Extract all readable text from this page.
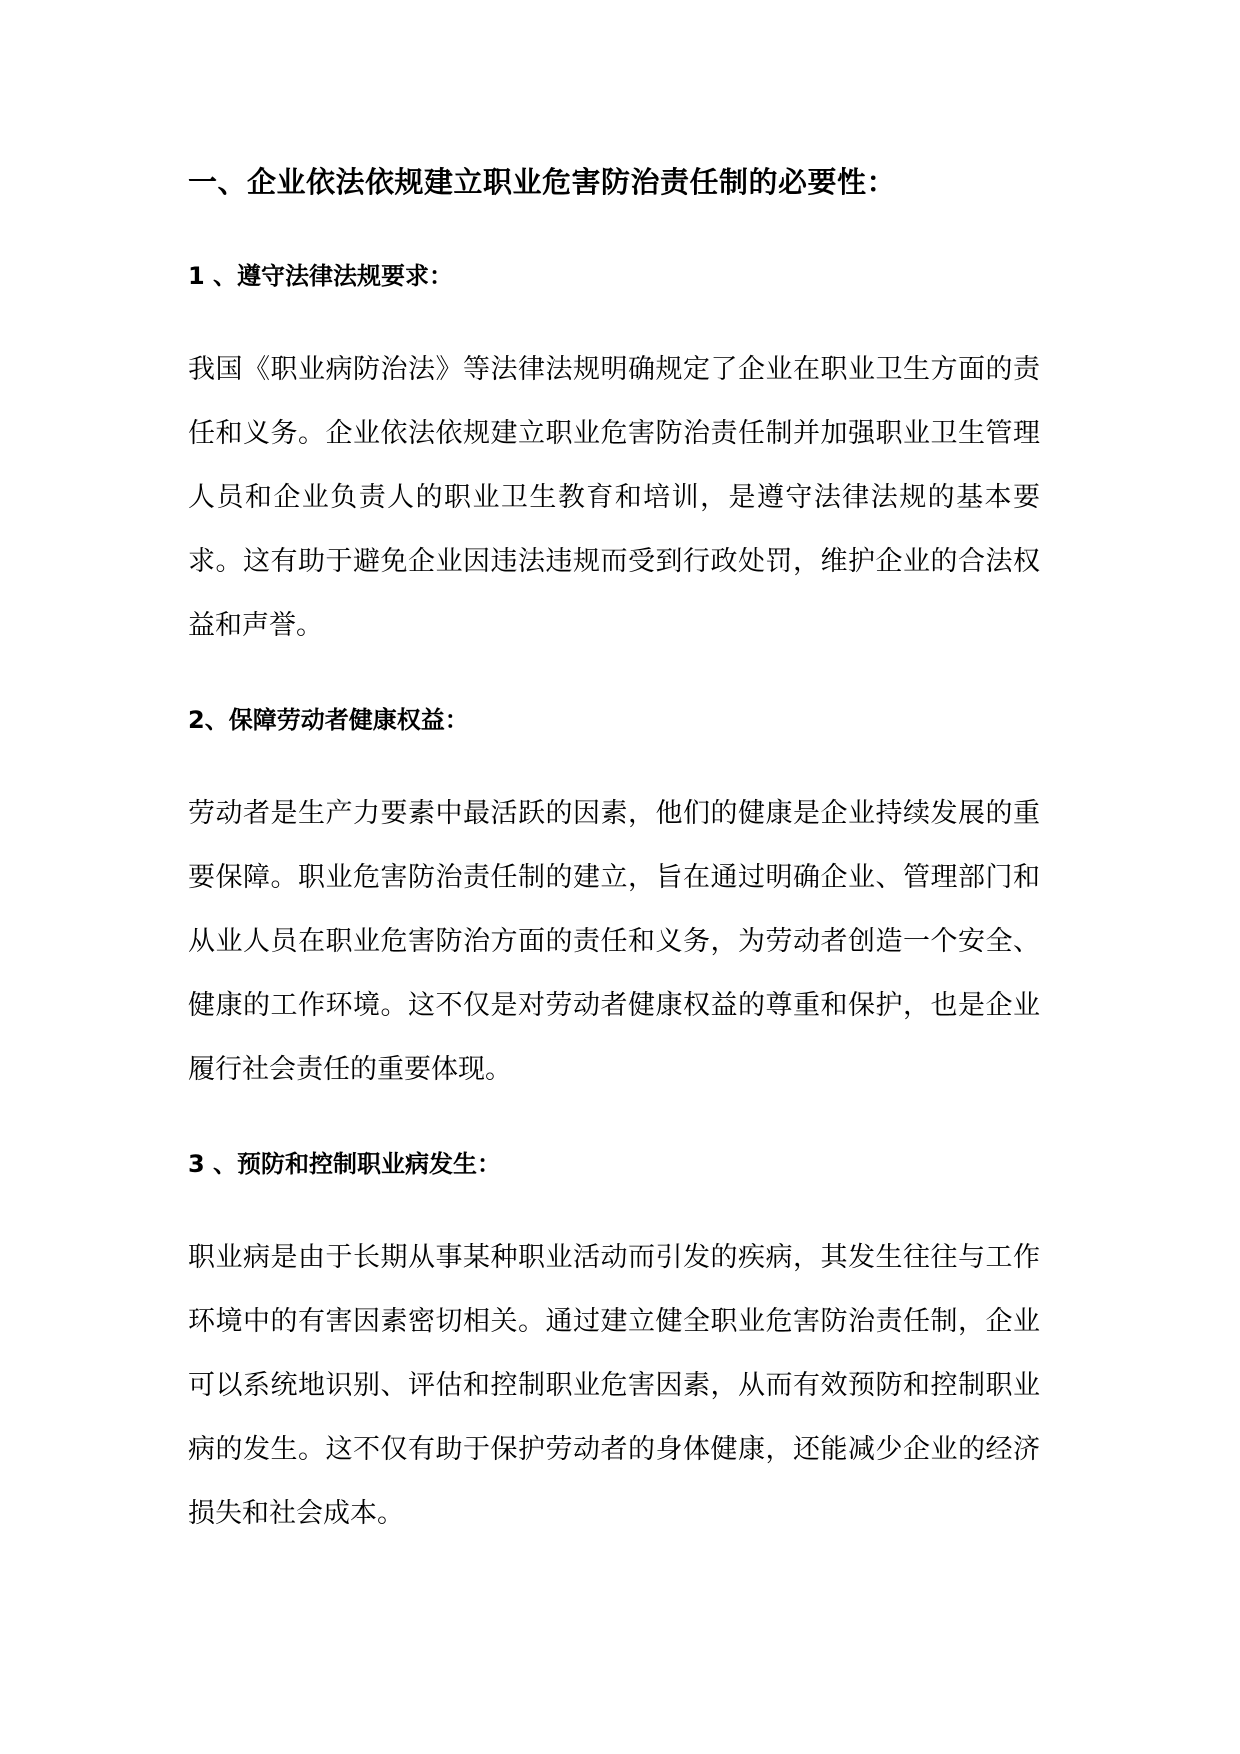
一、企业依法依规建立职业危害防治责任制的必要性：
1 、遵守法律法规要求：

我国《职业病防治法》等法律法规明确规定了企业在职业卫生方面的责任和义务。企业依法依规建立职业危害防治责任制并加强职业卫生管理人员和企业负责人的职业卫生教育和培训，是遵守法律法规的基本要求。这有助于避免企业因违法违规而受到行政处罚，维护企业的合法权益和声誉。

2、保障劳动者健康权益：

劳动者是生产力要素中最活跃的因素，他们的健康是企业持续发展的重要保障。职业危害防治责任制的建立，旨在通过明确企业、管理部门和从业人员在职业危害防治方面的责任和义务，为劳动者创造一个安全、健康的工作环境。这不仅是对劳动者健康权益的尊重和保护，也是企业履行社会责任的重要体现。

3 、预防和控制职业病发生：

职业病是由于长期从事某种职业活动而引发的疾病，其发生往往与工作环境中的有害因素密切相关。通过建立健全职业危害防治责任制，企业可以系统地识别、评估和控制职业危害因素，从而有效预防和控制职业病的发生。这不仅有助于保护劳动者的身体健康，还能减少企业的经济损失和社会成本。
